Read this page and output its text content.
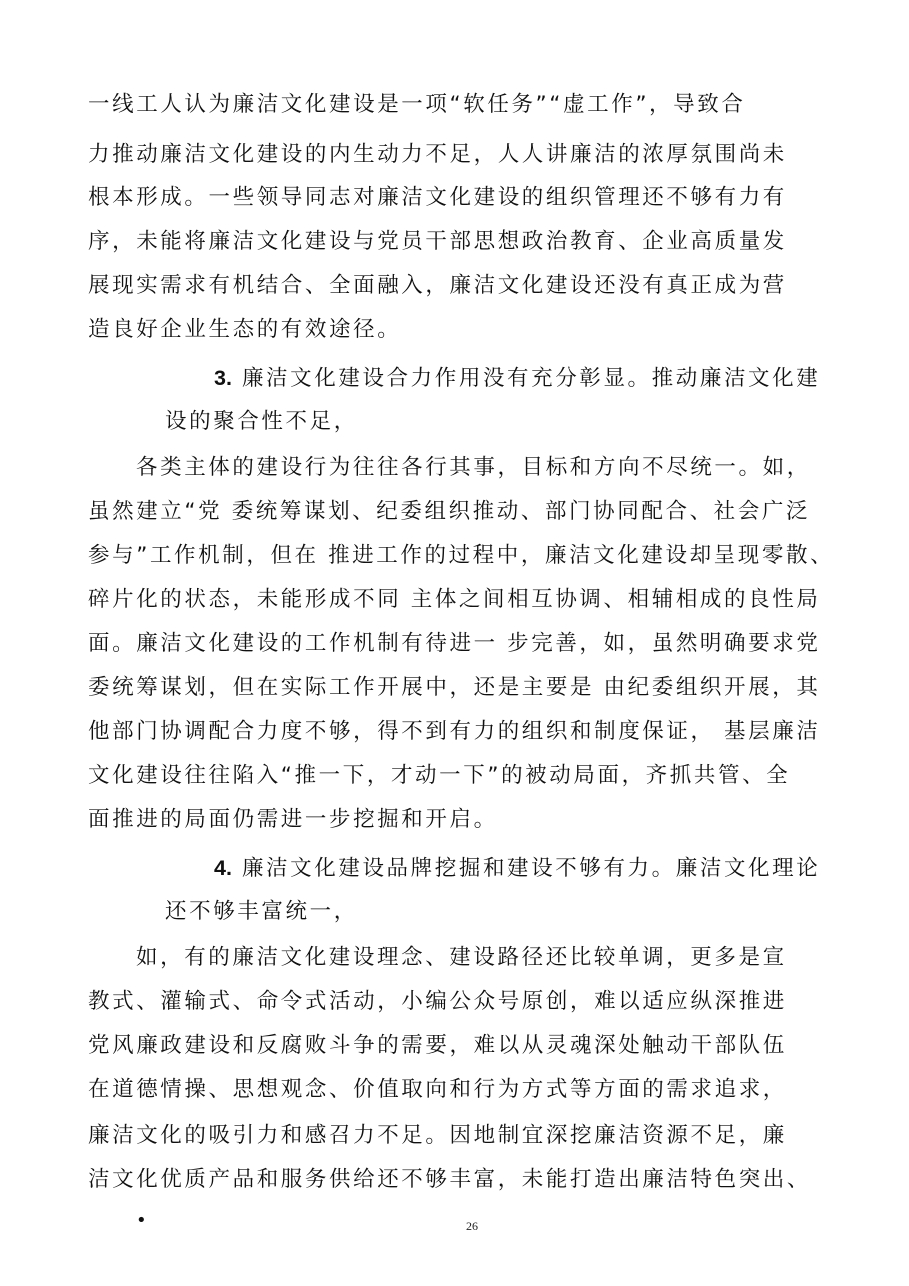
一线工人认为廉洁文化建设是一项“软任务”“虚工作”，导致合
力推动廉洁文化建设的内生动力不足，人人讲廉洁的浓厚氛围尚未
根本形成。一些领导同志对廉洁文化建设的组织管理还不够有力有
序，未能将廉洁文化建设与党员干部思想政治教育、企业高质量发
展现实需求有机结合、全面融入，廉洁文化建设还没有真正成为营
造良好企业生态的有效途径。
3. 廉洁文化建设合力作用没有充分彰显。推动廉洁文化建
设的聚合性不足，
各类主体的建设行为往往各行其事，目标和方向不尽统一。如，
虽然建立“党 委统筹谋划、纪委组织推动、部门协同配合、社会广泛
参与”工作机制，但在 推进工作的过程中，廉洁文化建设却呈现零散、
碎片化的状态，未能形成不同 主体之间相互协调、相辅相成的良性局
面。廉洁文化建设的工作机制有待进一 步完善，如，虽然明确要求党
委统筹谋划，但在实际工作开展中，还是主要是 由纪委组织开展，其
他部门协调配合力度不够，得不到有力的组织和制度保证， 基层廉洁
文化建设往往陷入“推一下，才动一下”的被动局面，齐抓共管、全
面推进的局面仍需进一步挖掘和开启。
4. 廉洁文化建设品牌挖掘和建设不够有力。廉洁文化理论
还不够丰富统一，
如，有的廉洁文化建设理念、建设路径还比较单调，更多是宣
教式、灌输式、命令式活动，小编公众号原创，难以适应纵深推进
党风廉政建设和反腐败斗争的需要，难以从灵魂深处触动干部队伍
在道德情操、思想观念、价值取向和行为方式等方面的需求追求，
廉洁文化的吸引力和感召力不足。因地制宜深挖廉洁资源不足，廉
洁文化优质产品和服务供给还不够丰富，未能打造出廉洁特色突出、
•	26
